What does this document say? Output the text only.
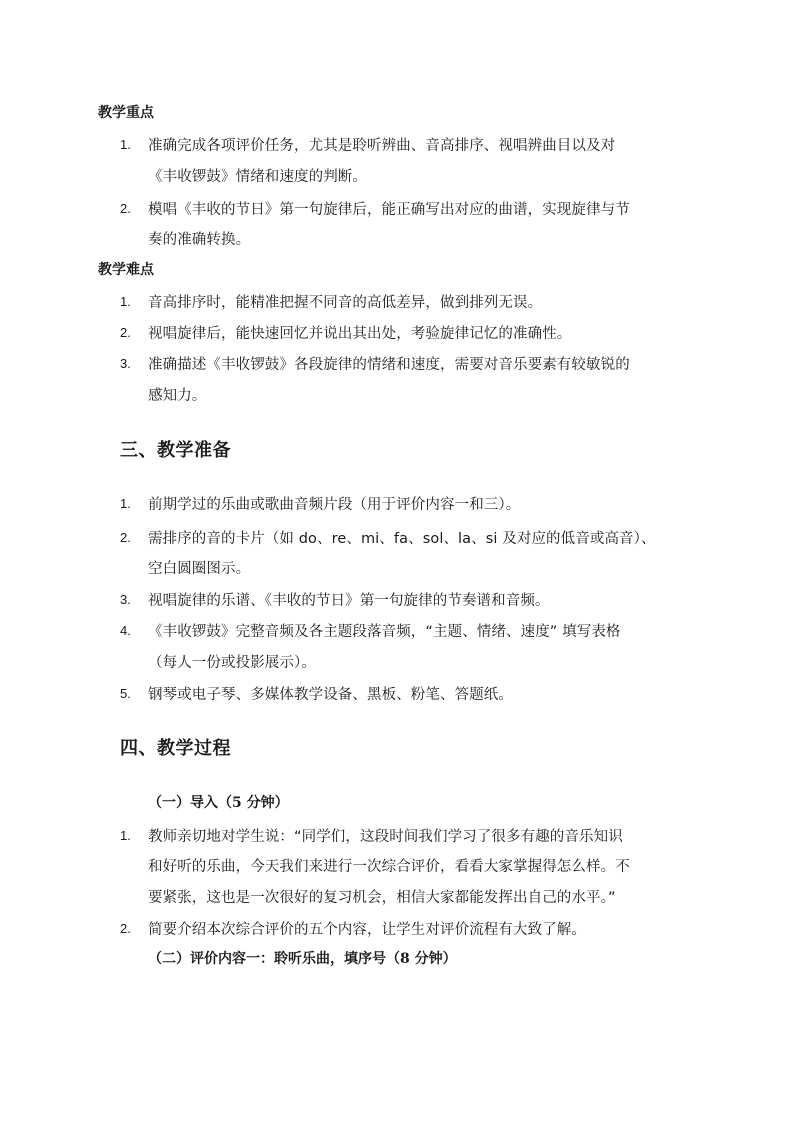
教学重点
1.	准确完成各项评价任务，尤其是聆听辨曲、音高排序、视唱辨曲目以及对
《丰收锣鼓》情绪和速度的判断。
2.	模唱《丰收的节日》第一句旋律后，能正确写出对应的曲谱，实现旋律与节
奏的准确转换。
教学难点
1.	音高排序时，能精准把握不同音的高低差异，做到排列无误。
2.	视唱旋律后，能快速回忆并说出其出处，考验旋律记忆的准确性。
3.	准确描述《丰收锣鼓》各段旋律的情绪和速度，需要对音乐要素有较敏锐的
感知力。
三、教学准备
1.	前期学过的乐曲或歌曲音频片段（用于评价内容一和三）。
2.	需排序的音的卡片（如 do、re、mi、fa、sol、la、si 及对应的低音或高音）、
空白圆圈图示。
3.	视唱旋律的乐谱、《丰收的节日》第一句旋律的节奏谱和音频。
4.	《丰收锣鼓》完整音频及各主题段落音频，“主题、情绪、速度” 填写表格
（每人一份或投影展示）。
5.	钢琴或电子琴、多媒体教学设备、黑板、粉笔、答题纸。
四、教学过程
（一）导入（5 分钟）
1.	教师亲切地对学生说：“同学们，这段时间我们学习了很多有趣的音乐知识
和好听的乐曲，今天我们来进行一次综合评价，看看大家掌握得怎么样。不
要紧张，这也是一次很好的复习机会，相信大家都能发挥出自己的水平。”
2.	简要介绍本次综合评价的五个内容，让学生对评价流程有大致了解。
（二）评价内容一：聆听乐曲，填序号（8 分钟）
